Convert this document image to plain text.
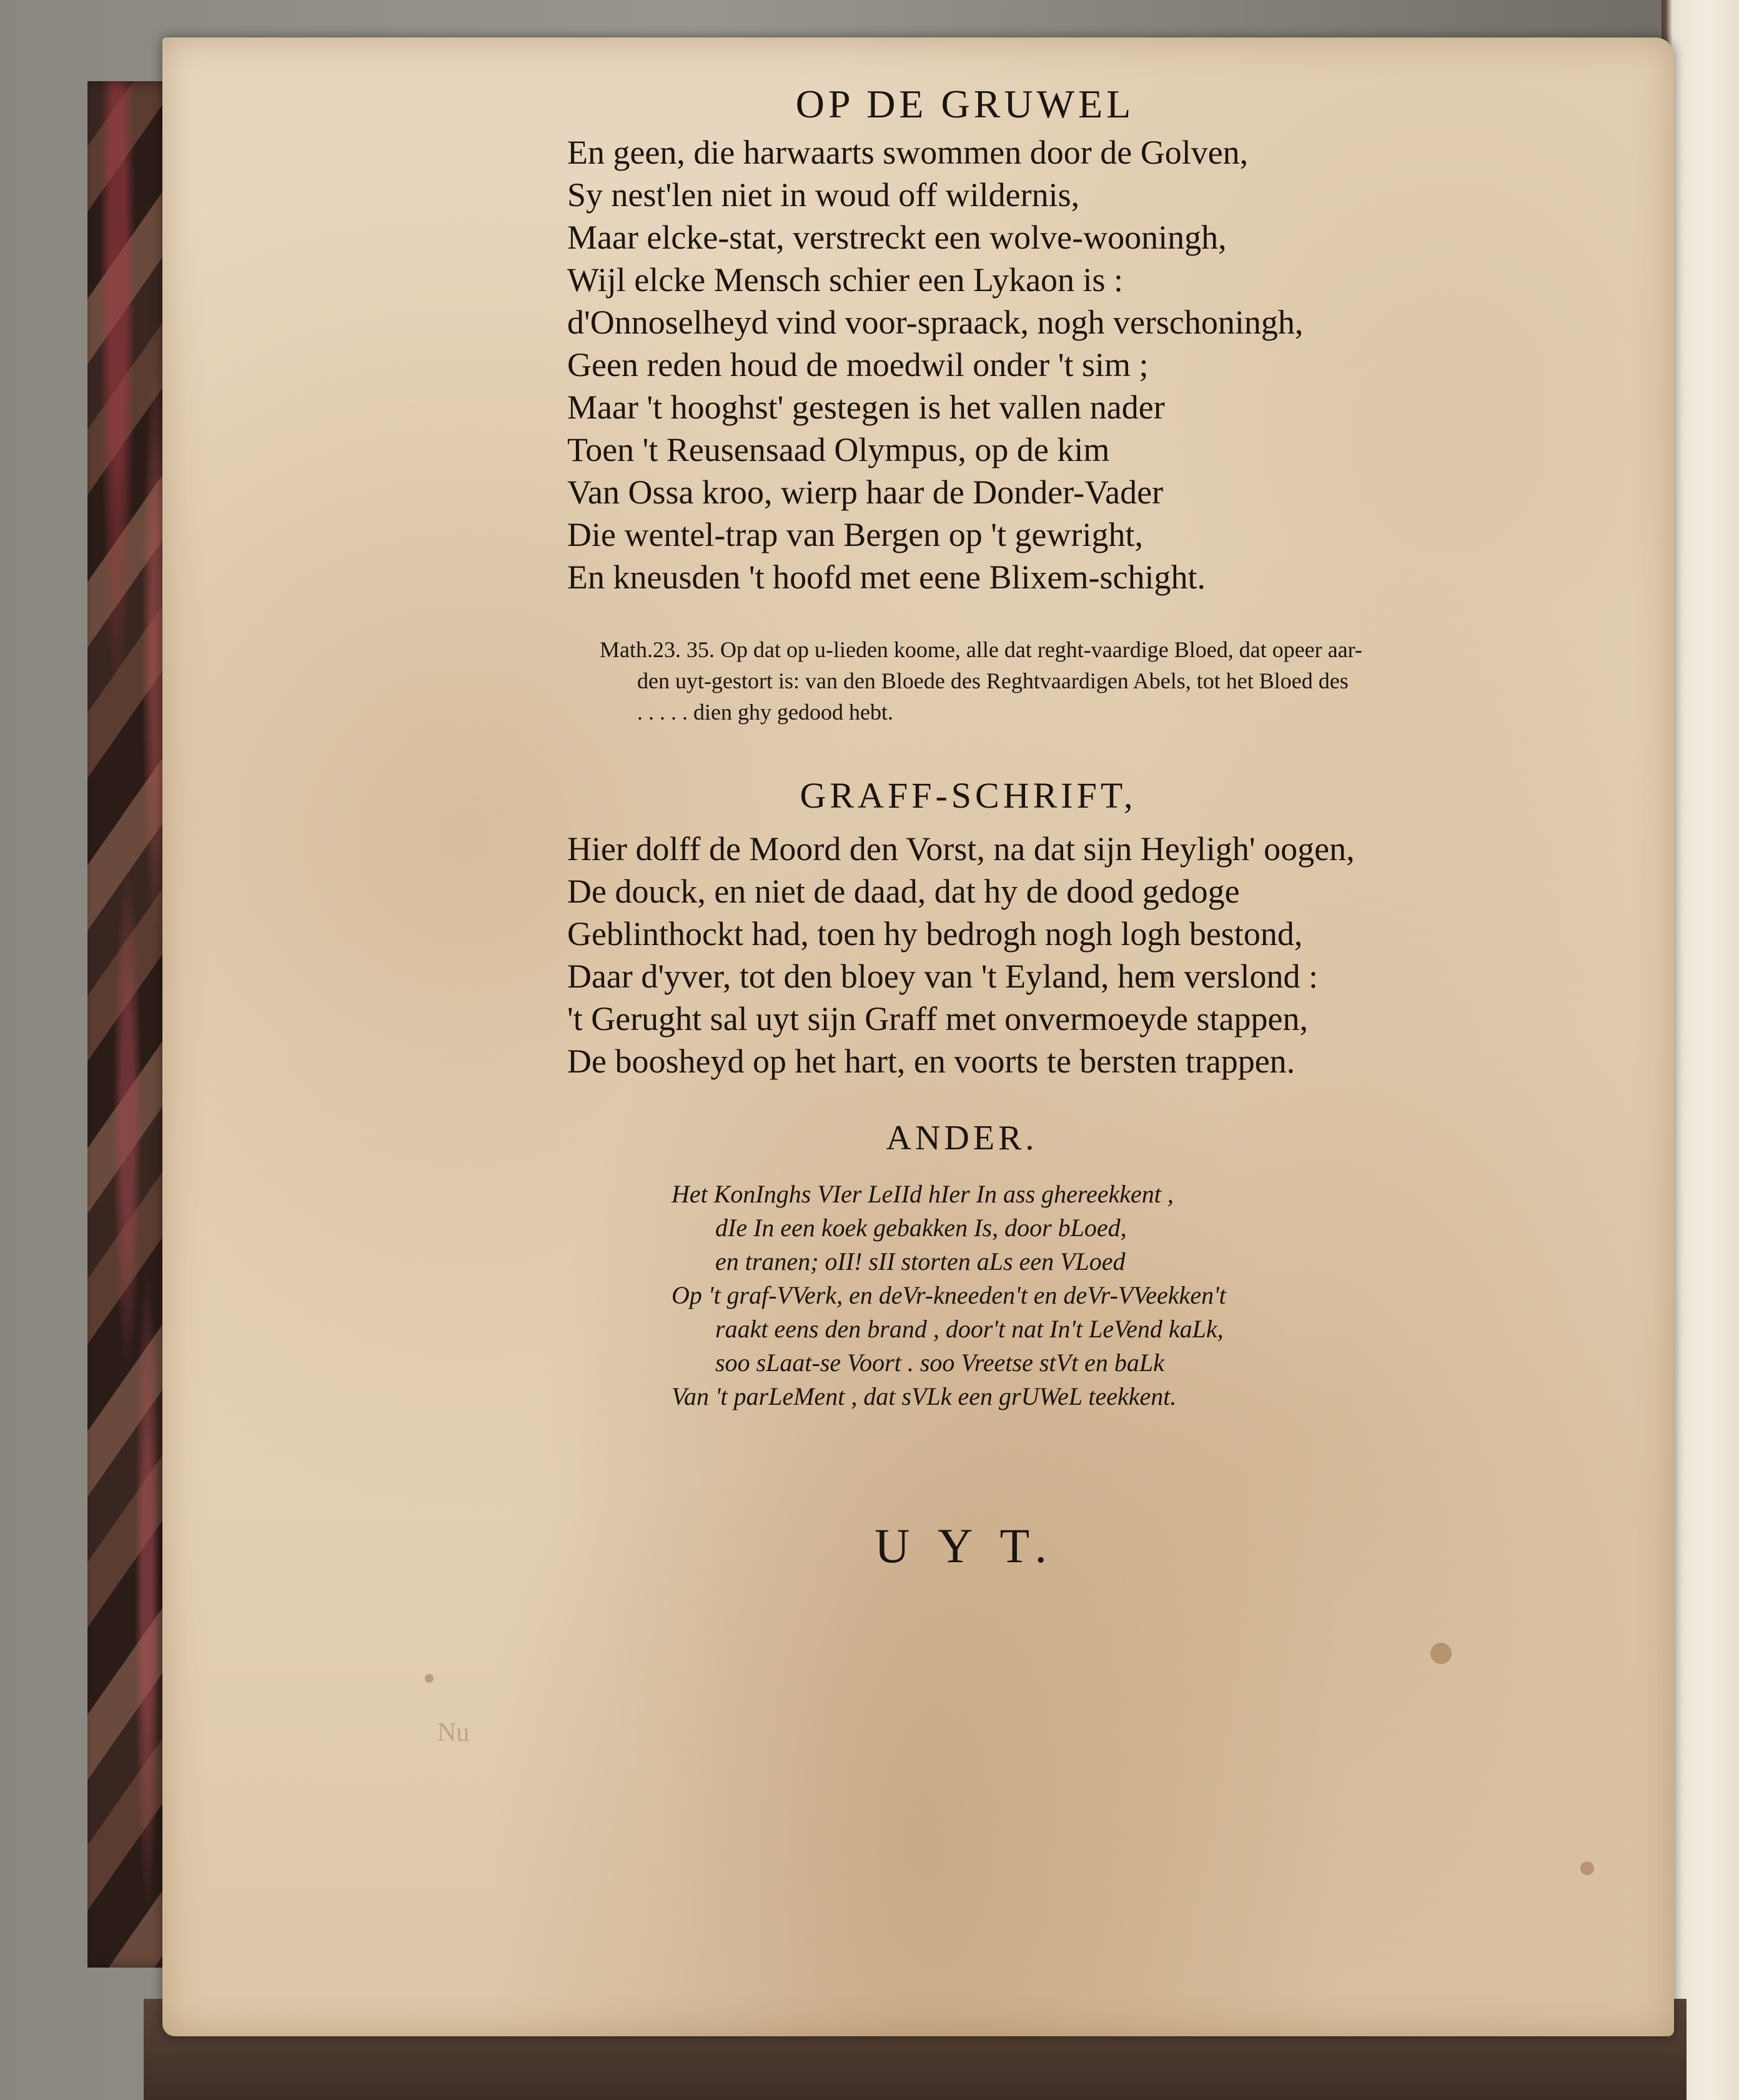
OP DE GRUWEL
En geen, die harwaarts swommen door de Golven,
Sy nest'len niet in woud off wildernis,
Maar elcke-stat, verstreckt een wolve-wooningh,
Wijl elcke Mensch schier een Lykaon is :
d'Onnoselheyd vind voor-spraack, nogh verschoningh,
Geen reden houd de moedwil onder 't sim ;
Maar 't hooghst' gestegen is het vallen nader
Toen 't Reusensaad Olympus, op de kim
Van Ossa kroo, wierp haar de Donder-Vader
Die wentel-trap van Bergen op 't gewright,
En kneusden 't hoofd met eene Blixem-schight.
Math.23. 35. Op dat op u-lieden koome, alle dat reght-vaardige Bloed, dat opeer aar-
den uyt-gestort is: van den Bloede des Reghtvaardigen Abels, tot het Bloed des
. . . . . dien ghy gedood hebt.
GRAFF-SCHRIFT,
Hier dolff de Moord den Vorst, na dat sijn Heyligh' oogen,
De douck, en niet de daad, dat hy de dood gedoge
Geblinthockt had, toen hy bedrogh nogh logh bestond,
Daar d'yver, tot den bloey van 't Eyland, hem verslond :
't Gerught sal uyt sijn Graff met onvermoeyde stappen,
De boosheyd op het hart, en voorts te bersten trappen.
ANDER.
Het KonInghs VIer LeIId hIer In ass ghereekkent ,
dIe In een koek gebakken Is, door bLoed,
en tranen; oII! sII storten aLs een VLoed
Op 't graf-VVerk, en deVr-kneeden't en deVr-VVeekken't
raakt eens den brand , door't nat In't LeVend kaLk,
soo sLaat-se Voort . soo Vreetse stVt en baLk
Van 't parLeMent , dat sVLk een grUWeL teekkent.
U Y T.
Nu
